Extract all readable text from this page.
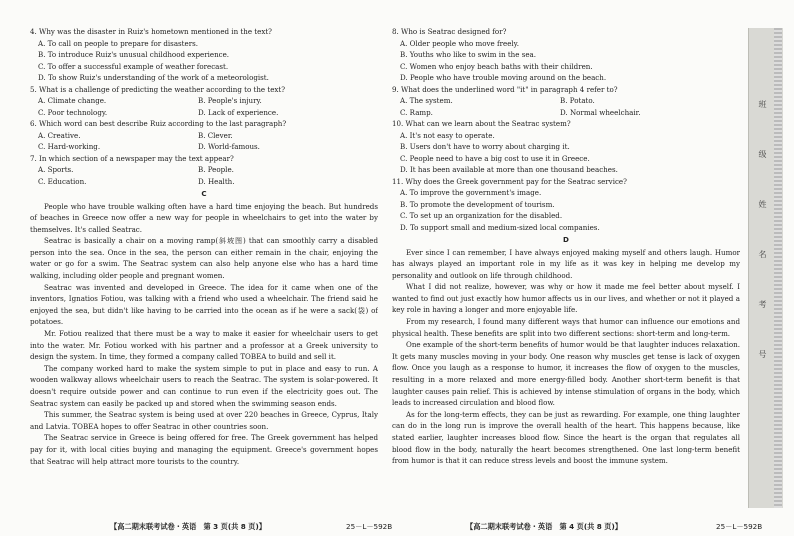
4. Why was the disaster in Ruiz's hometown mentioned in the text?

A. To call on people to prepare for disasters.

B. To introduce Ruiz's unusual childhood experience.

C. To offer a successful example of weather forecast.

D. To show Ruiz's understanding of the work of a meteorologist.

5. What is a challenge of predicting the weather according to the text?

A. Climate change.	B. People's injury.
C. Poor technology.	D. Lack of experience.

6. Which word can best describe Ruiz according to the last paragraph?

A. Creative.	B. Clever.
C. Hard-working.	D. World-famous.

7. In which section of a newspaper may the text appear?

A. Sports.	B. People.
C. Education.	D. Health.
C

People who have trouble walking often have a hard time enjoying the beach. But hundreds of beaches in Greece now offer a new way for people in wheelchairs to get into the water by themselves. It's called Seatrac.

Seatrac is basically a chair on a moving ramp(斜坡图) that can smoothly carry a disabled person into the sea. Once in the sea, the person can either remain in the chair, enjoying the water or go for a swim. The Seatrac system can also help anyone else who has a hard time walking, including older people and pregnant women.

Seatrac was invented and developed in Greece. The idea for it came when one of the inventors, Ignatios Fotiou, was talking with a friend who used a wheelchair. The friend said he enjoyed the sea, but didn't like having to be carried into the ocean as if he were a sack(袋) of potatoes.

Mr. Fotiou realized that there must be a way to make it easier for wheelchair users to get into the water. Mr. Fotiou worked with his partner and a professor at a Greek university to design the system. In time, they formed a company called TOBEA to build and sell it.

The company worked hard to make the system simple to put in place and easy to run. A wooden walkway allows wheelchair users to reach the Seatrac. The system is solar-powered. It doesn't require outside power and can continue to run even if the electricity goes out. The Seatrac system can easily be packed up and stored when the swimming season ends.

This summer, the Seatrac system is being used at over 220 beaches in Greece, Cyprus, Italy and Latvia. TOBEA hopes to offer Seatrac in other countries soon.

The Seatrac service in Greece is being offered for free. The Greek government has helped pay for it, with local cities buying and managing the equipment. Greece's government hopes that Seatrac will help attract more tourists to the country.

8. Who is Seatrac designed for?

A. Older people who move freely.

B. Youths who like to swim in the sea.

C. Women who enjoy beach baths with their children.

D. People who have trouble moving around on the beach.

9. What does the underlined word "it" in paragraph 4 refer to?

A. The system.	B. Potato.
C. Ramp.	D. Normal wheelchair.

10. What can we learn about the Seatrac system?

A. It's not easy to operate.

B. Users don't have to worry about charging it.

C. People need to have a big cost to use it in Greece.

D. It has been available at more than one thousand beaches.

11. Why does the Greek government pay for the Seatrac service?

A. To improve the government's image.

B. To promote the development of tourism.

C. To set up an organization for the disabled.

D. To support small and medium-sized local companies.

D

Ever since I can remember, I have always enjoyed making myself and others laugh. Humor has always played an important role in my life as it was key in helping me develop my personality and outlook on life through childhood.

What I did not realize, however, was why or how it made me feel better about myself. I wanted to find out just exactly how humor affects us in our lives, and whether or not it played a key role in having a longer and more enjoyable life.

From my research, I found many different ways that humor can influence our emotions and physical health. These benefits are split into two different sections: short-term and long-term.

One example of the short-term benefits of humor would be that laughter induces relaxation. It gets many muscles moving in your body. One reason why muscles get tense is lack of oxygen flow. Once you laugh as a response to humor, it increases the flow of oxygen to the muscles, resulting in a more relaxed and more energy-filled body. Another short-term benefit is that laughter causes pain relief. This is achieved by intense stimulation of organs in the body, which leads to increased circulation and blood flow.

As for the long-term effects, they can be just as rewarding. For example, one thing laughter can do in the long run is improve the overall health of the heart. This happens because, like stated earlier, laughter increases blood flow. Since the heart is the organ that regulates all blood flow in the body, naturally the heart becomes strengthened. One last long-term benefit from humor is that it can reduce stress levels and boost the immune system.

【高二期末联考试卷・英语　第 3 页(共 8 页)】	25－L－592B	【高二期末联考试卷・英语　第 4 页(共 8 页)】	25－L－592B
班
级
姓
名
考
号
